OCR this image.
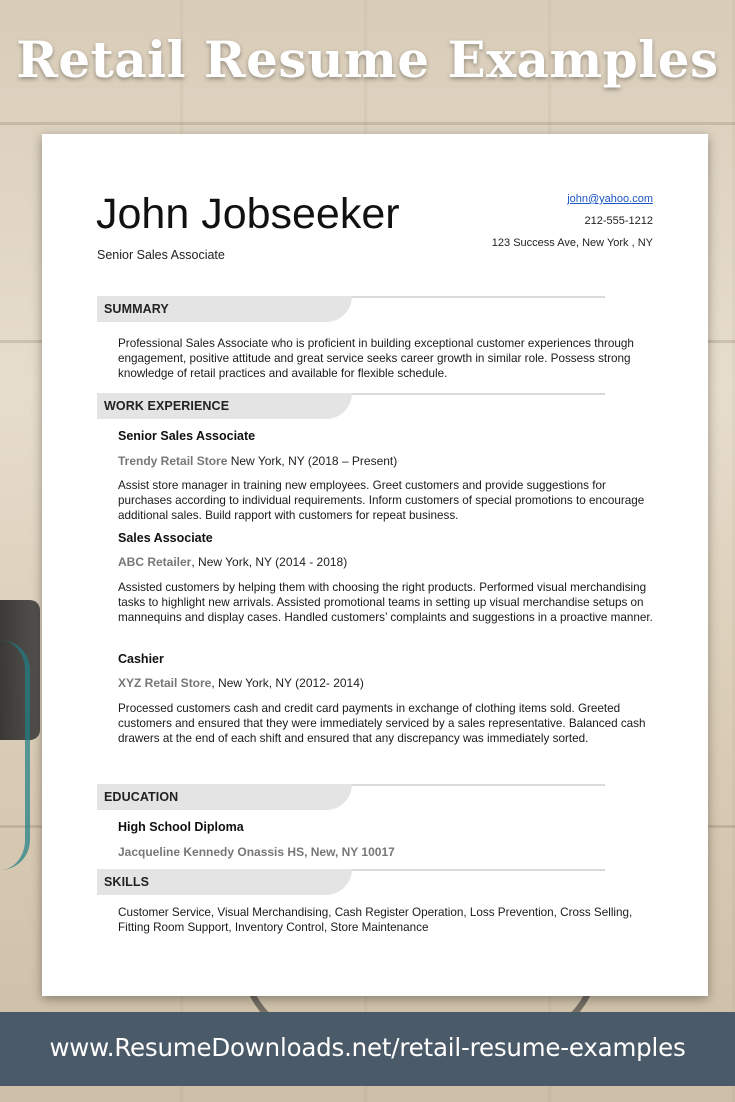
Retail Resume Examples
John Jobseeker
Senior Sales Associate
john@yahoo.com
212-555-1212
123 Success Ave, New York , NY
SUMMARY
Professional Sales Associate who is proficient in building exceptional customer experiences through engagement, positive attitude and great service seeks career growth in similar role. Possess strong knowledge of retail practices and available for flexible schedule.
WORK EXPERIENCE
Senior Sales Associate
Trendy Retail Store New York, NY (2018 – Present)
Assist store manager in training new employees. Greet customers and provide suggestions for purchases according to individual requirements. Inform customers of special promotions to encourage additional sales. Build rapport with customers for repeat business.
Sales Associate
ABC Retailer, New York, NY (2014 - 2018)
Assisted customers by helping them with choosing the right products. Performed visual merchandising tasks to highlight new arrivals. Assisted promotional teams in setting up visual merchandise setups on mannequins and display cases. Handled customers’ complaints and suggestions in a proactive manner.
Cashier
XYZ Retail Store, New York, NY (2012- 2014)
Processed customers cash and credit card payments in exchange of clothing items sold. Greeted customers and ensured that they were immediately serviced by a sales representative. Balanced cash drawers at the end of each shift and ensured that any discrepancy was immediately sorted.
EDUCATION
High School Diploma
Jacqueline Kennedy Onassis HS, New, NY 10017
SKILLS
Customer Service, Visual Merchandising, Cash Register Operation, Loss Prevention, Cross Selling, Fitting Room Support, Inventory Control, Store Maintenance
www.ResumeDownloads.net/retail-resume-examples
